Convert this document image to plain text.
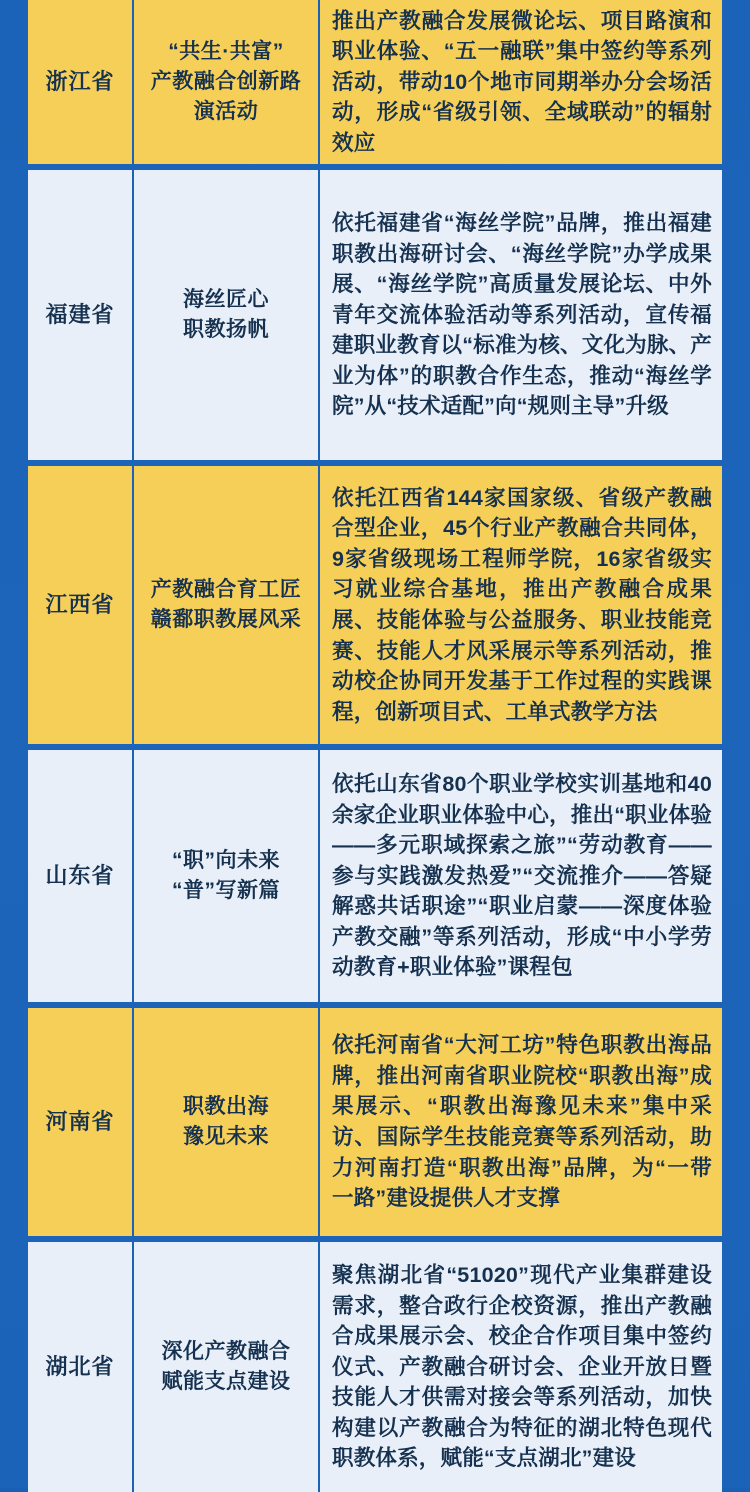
浙江省
“共生·共富”
产教融合创新路
演活动
推出产教融合发展微论坛、项目路演和职业体验、“五一融联”集中签约等系列活动，带动10个地市同期举办分会场活动，形成“省级引领、全域联动”的辐射效应
福建省
海丝匠心
职教扬帆
依托福建省“海丝学院”品牌，推出福建职教出海研讨会、“海丝学院”办学成果展、“海丝学院”高质量发展论坛、中外青年交流体验活动等系列活动，宣传福建职业教育以“标准为核、文化为脉、产业为体”的职教合作生态，推动“海丝学院”从“技术适配”向“规则主导”升级
江西省
产教融合育工匠
赣鄱职教展风采
依托江西省144家国家级、省级产教融合型企业，45个行业产教融合共同体，9家省级现场工程师学院，16家省级实习就业综合基地，推出产教融合成果展、技能体验与公益服务、职业技能竞赛、技能人才风采展示等系列活动，推动校企协同开发基于工作过程的实践课程，创新项目式、工单式教学方法
山东省
“职”向未来
“普”写新篇
依托山东省80个职业学校实训基地和40余家企业职业体验中心，推出“职业体验——多元职域探索之旅”“劳动教育——参与实践激发热爱”“交流推介——答疑解惑共话职途”“职业启蒙——深度体验产教交融”等系列活动，形成“中小学劳动教育+职业体验”课程包
河南省
职教出海
豫见未来
依托河南省“大河工坊”特色职教出海品牌，推出河南省职业院校“职教出海”成果展示、“职教出海豫见未来”集中采访、国际学生技能竞赛等系列活动，助力河南打造“职教出海”品牌，为“一带一路”建设提供人才支撑
湖北省
深化产教融合
赋能支点建设
聚焦湖北省“51020”现代产业集群建设需求，整合政行企校资源，推出产教融合成果展示会、校企合作项目集中签约仪式、产教融合研讨会、企业开放日暨技能人才供需对接会等系列活动，加快构建以产教融合为特征的湖北特色现代职教体系，赋能“支点湖北”建设
